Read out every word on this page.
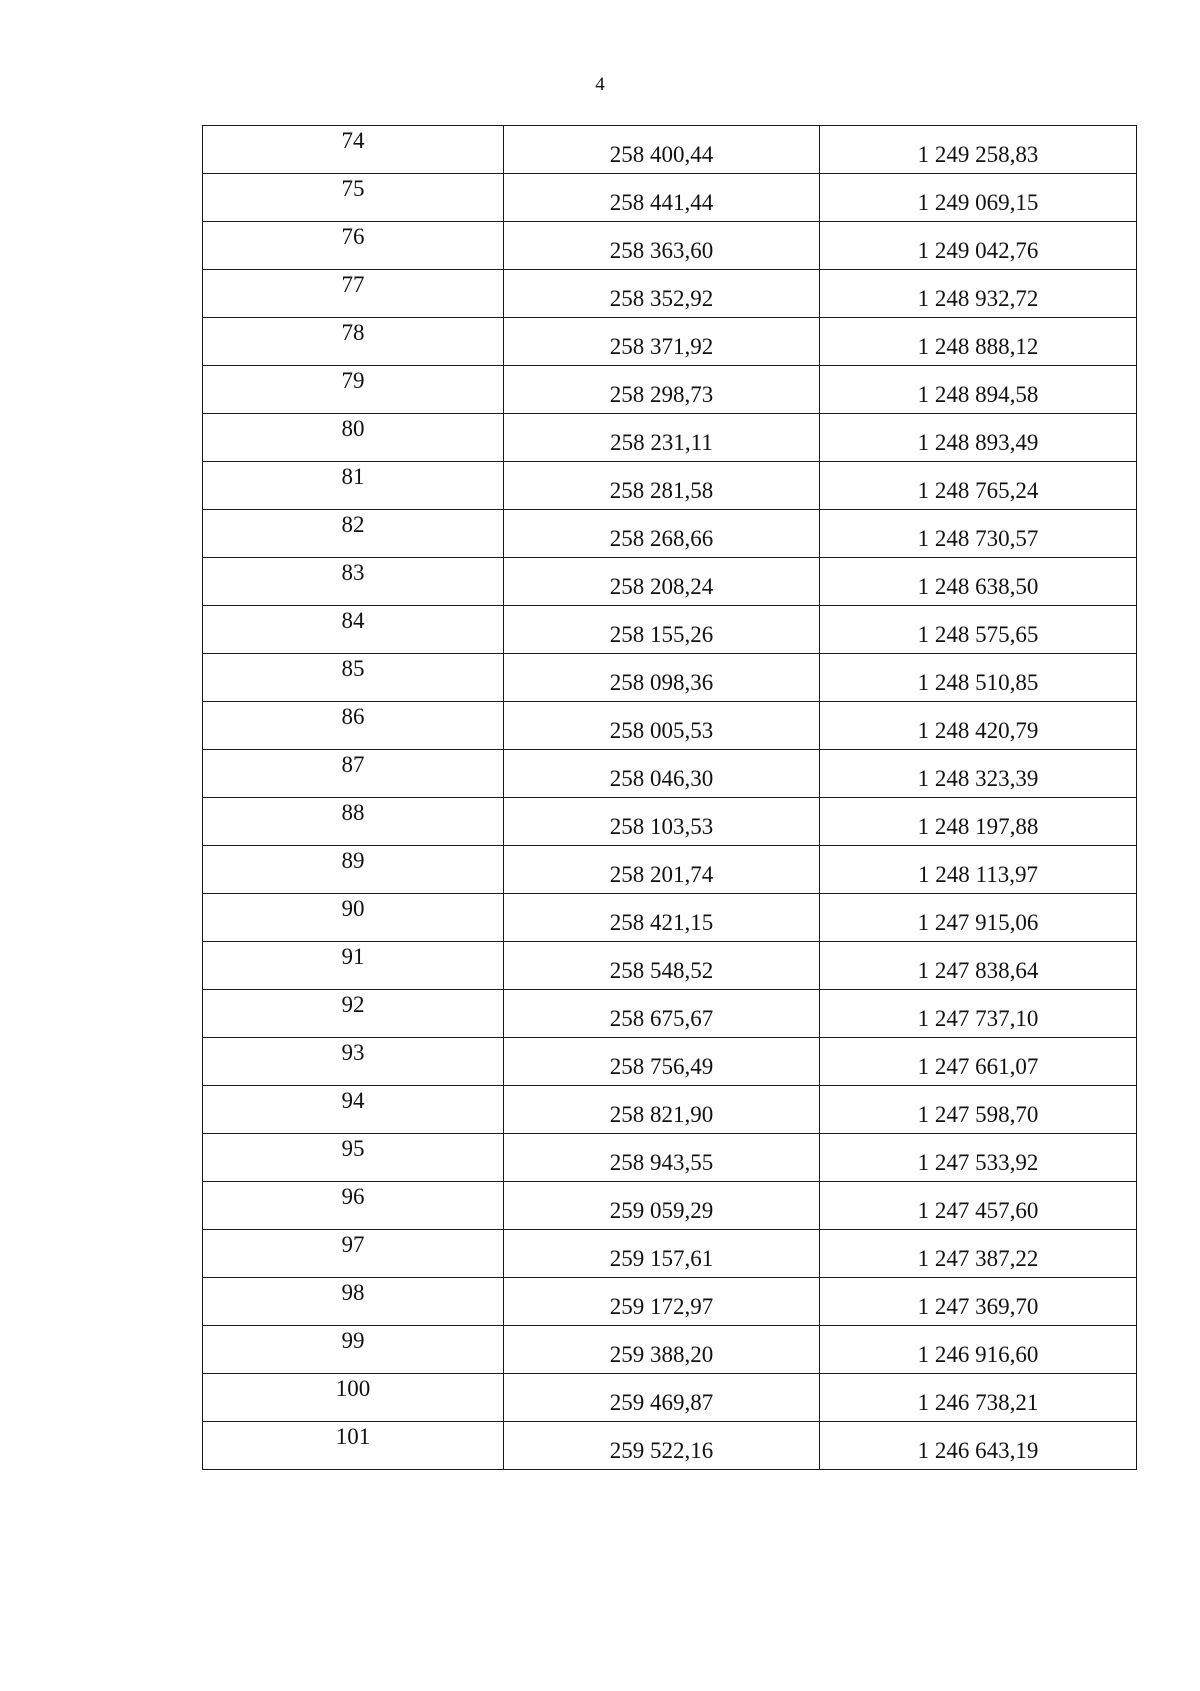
4
74	258 400,44	1 249 258,83
75	258 441,44	1 249 069,15
76	258 363,60	1 249 042,76
77	258 352,92	1 248 932,72
78	258 371,92	1 248 888,12
79	258 298,73	1 248 894,58
80	258 231,11	1 248 893,49
81	258 281,58	1 248 765,24
82	258 268,66	1 248 730,57
83	258 208,24	1 248 638,50
84	258 155,26	1 248 575,65
85	258 098,36	1 248 510,85
86	258 005,53	1 248 420,79
87	258 046,30	1 248 323,39
88	258 103,53	1 248 197,88
89	258 201,74	1 248 113,97
90	258 421,15	1 247 915,06
91	258 548,52	1 247 838,64
92	258 675,67	1 247 737,10
93	258 756,49	1 247 661,07
94	258 821,90	1 247 598,70
95	258 943,55	1 247 533,92
96	259 059,29	1 247 457,60
97	259 157,61	1 247 387,22
98	259 172,97	1 247 369,70
99	259 388,20	1 246 916,60
100	259 469,87	1 246 738,21
101	259 522,16	1 246 643,19
